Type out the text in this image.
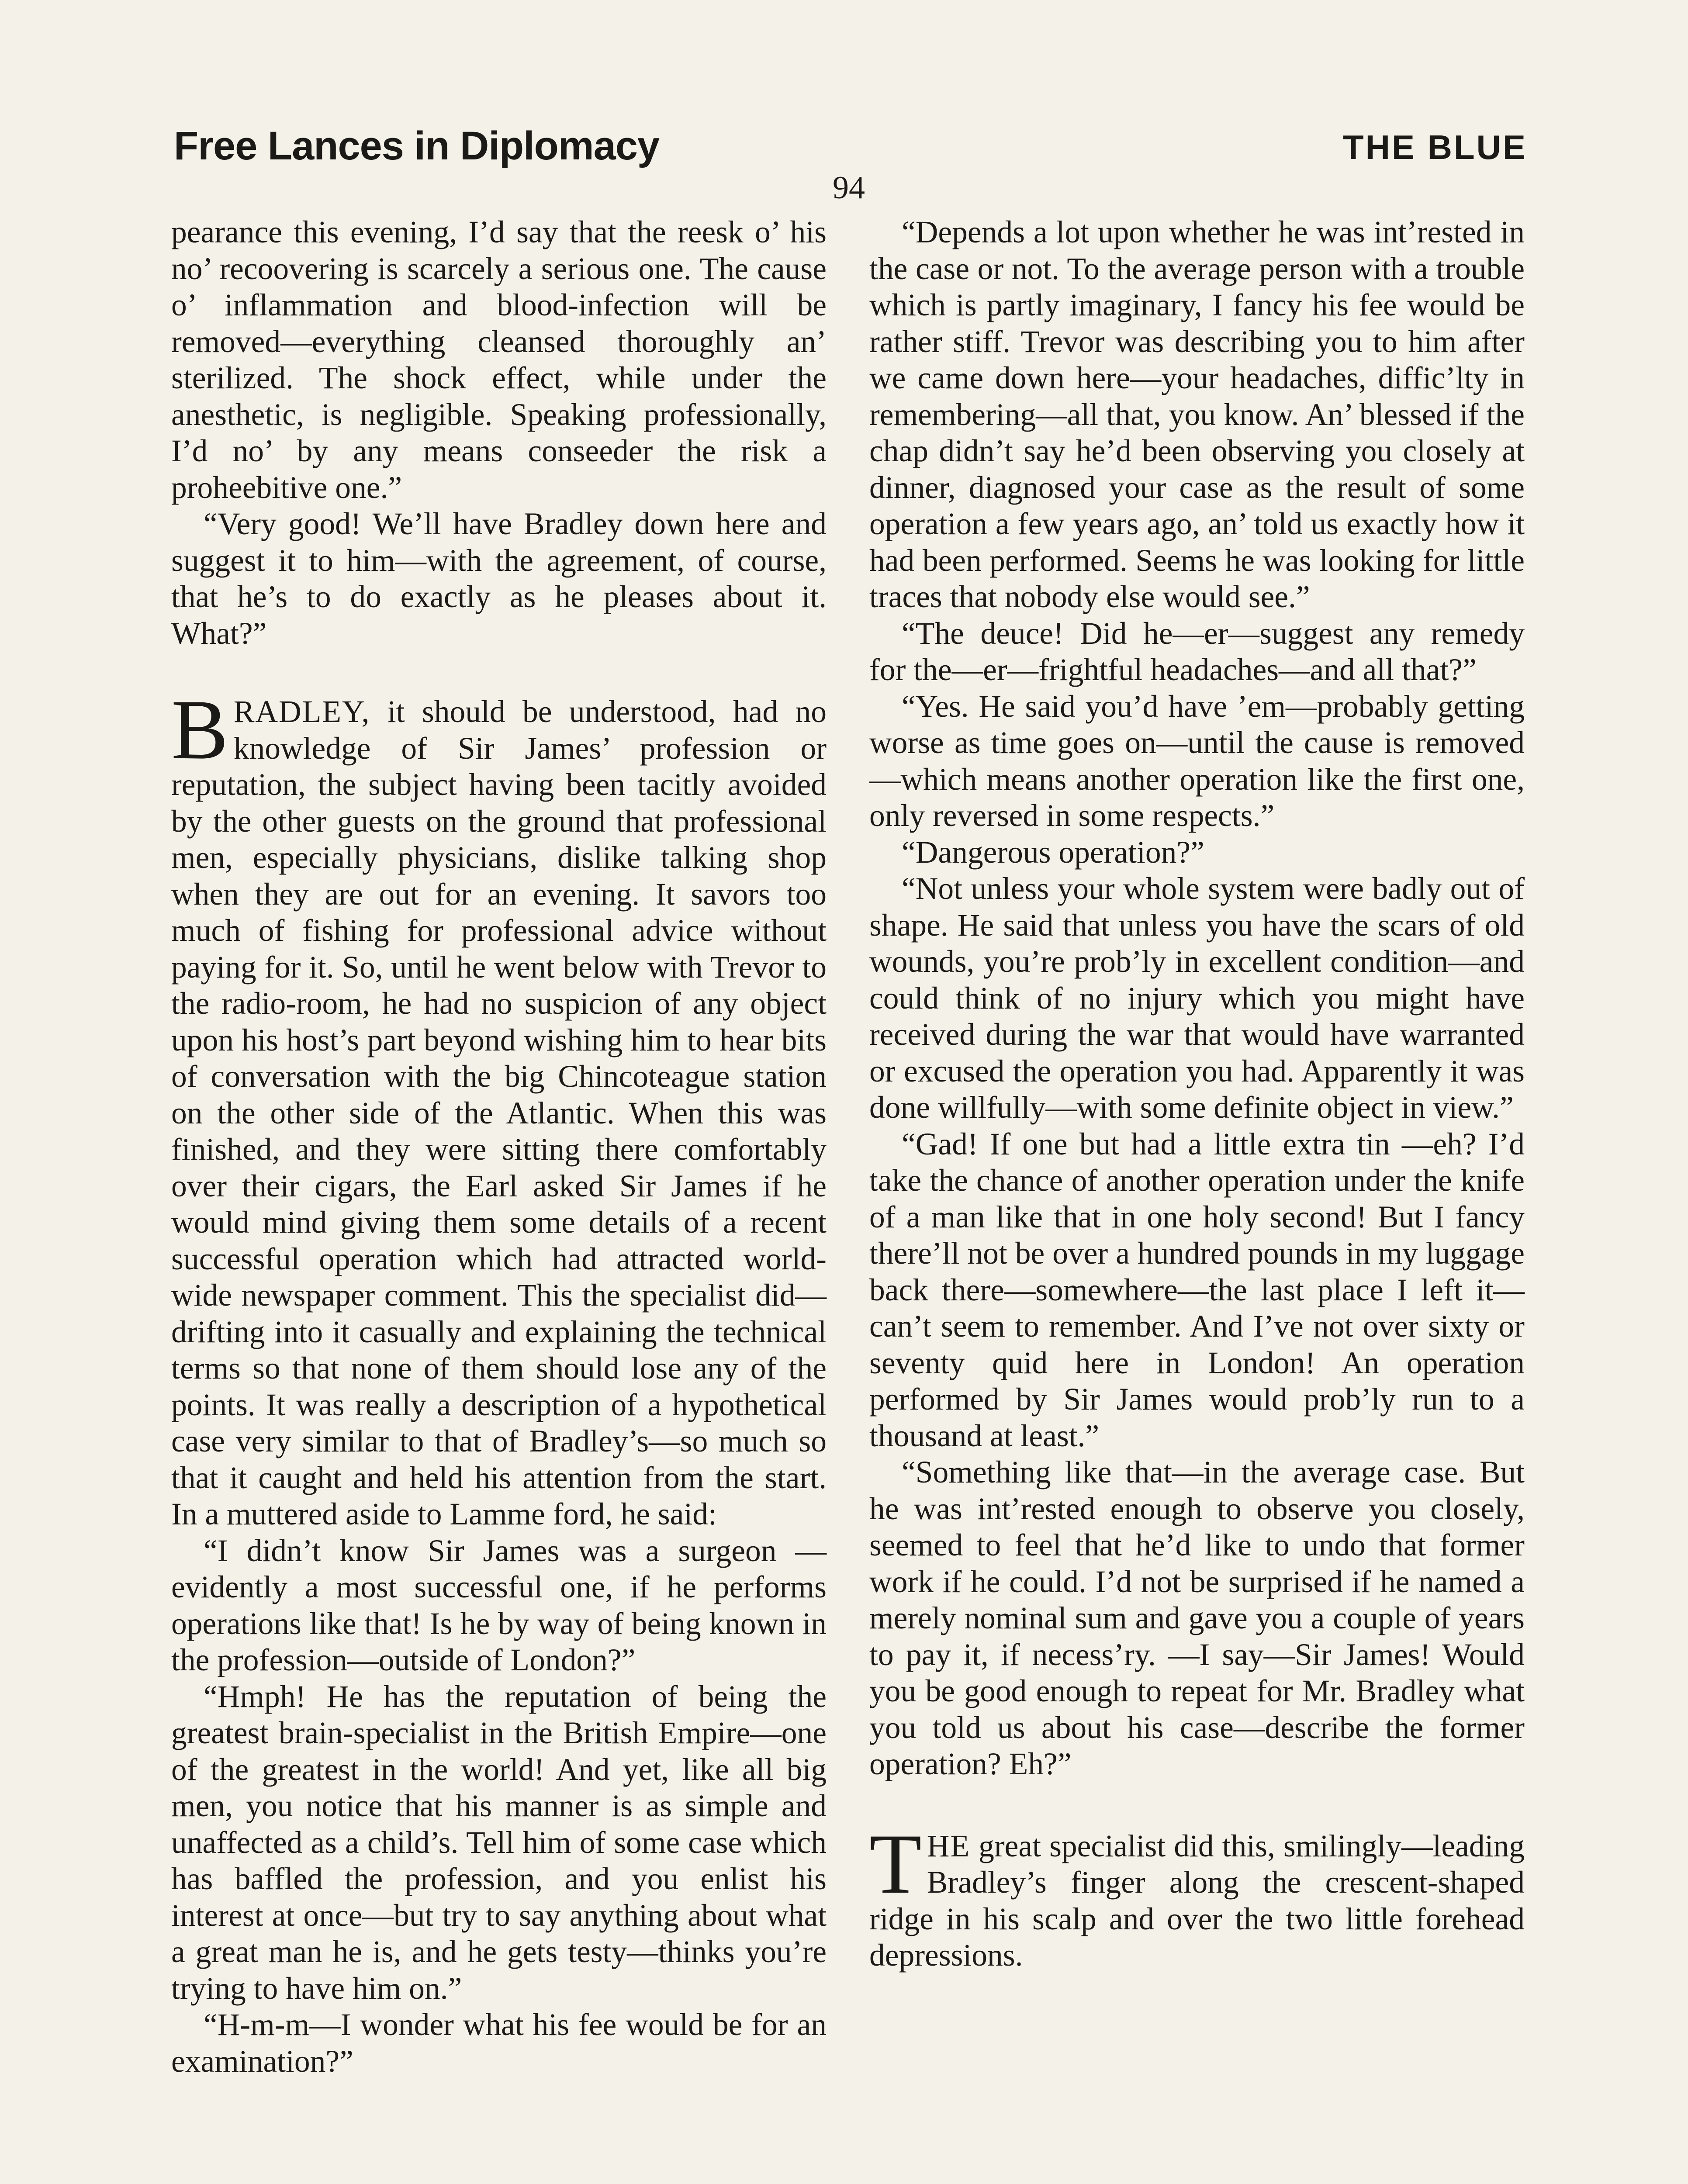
Free Lances in Diplomacy	THE BLUE
94

pearance this evening, I’d say that the reesk o’ his no’ recoovering is scarcely a serious one. The cause o’ inflammation and blood-infection will be removed—everything cleansed thoroughly an’ sterilized. The shock effect, while under the anesthetic, is negligible. Speaking professionally, I’d no’ by any means conseeder the risk a proheebitive one.”

“Very good! We’ll have Bradley down here and suggest it to him—with the agreement, of course, that he’s to do exactly as he pleases about it. What?”

BRADLEY, it should be understood, had no knowledge of Sir James’ profession or reputation, the subject having been tacitly avoided by the other guests on the ground that professional men, especially physicians, dislike talking shop when they are out for an evening. It savors too much of fishing for professional advice without paying for it. So, until he went below with Trevor to the radio-room, he had no suspicion of any object upon his host’s part beyond wishing him to hear bits of conversation with the big Chincoteague station on the other side of the Atlantic. When this was finished, and they were sitting there comfortably over their cigars, the Earl asked Sir James if he would mind giving them some details of a recent successful operation which had attracted world-wide newspaper comment. This the specialist did—drifting into it casually and explaining the technical terms so that none of them should lose any of the points. It was really a description of a hypothetical case very similar to that of Bradley’s—so much so that it caught and held his attention from the start. In a muttered aside to Lamme ford, he said:

“I didn’t know Sir James was a surgeon —evidently a most successful one, if he performs operations like that! Is he by way of being known in the profession—outside of London?”

“Hmph! He has the reputation of being the greatest brain-specialist in the British Empire—one of the greatest in the world! And yet, like all big men, you notice that his manner is as simple and unaffected as a child’s. Tell him of some case which has baffled the profession, and you enlist his interest at once—but try to say anything about what a great man he is, and he gets testy—thinks you’re trying to have him on.”

“H-m-m—I wonder what his fee would be for an examination?”

“Depends a lot upon whether he was int’rested in the case or not. To the average person with a trouble which is partly imaginary, I fancy his fee would be rather stiff. Trevor was describing you to him after we came down here—your headaches, diffic’lty in remembering—all that, you know. An’ blessed if the chap didn’t say he’d been observing you closely at dinner, diagnosed your case as the result of some operation a few years ago, an’ told us exactly how it had been performed. Seems he was looking for little traces that nobody else would see.”

“The deuce! Did he—er—suggest any remedy for the—er—frightful headaches—and all that?”

“Yes. He said you’d have ’em—probably getting worse as time goes on—until the cause is removed—which means another operation like the first one, only reversed in some respects.”

“Dangerous operation?”

“Not unless your whole system were badly out of shape. He said that unless you have the scars of old wounds, you’re prob’ly in excellent condition—and could think of no injury which you might have received during the war that would have warranted or excused the operation you had. Apparently it was done willfully—with some definite object in view.”

“Gad! If one but had a little extra tin —eh? I’d take the chance of another operation under the knife of a man like that in one holy second! But I fancy there’ll not be over a hundred pounds in my luggage back there—somewhere—the last place I left it—can’t seem to remember. And I’ve not over sixty or seventy quid here in London! An operation performed by Sir James would prob’ly run to a thousand at least.”

“Something like that—in the average case. But he was int’rested enough to observe you closely, seemed to feel that he’d like to undo that former work if he could. I’d not be surprised if he named a merely nominal sum and gave you a couple of years to pay it, if necess’ry. —I say—Sir James! Would you be good enough to repeat for Mr. Bradley what you told us about his case—describe the former operation? Eh?”

THE great specialist did this, smilingly—leading Bradley’s finger along the crescent-shaped ridge in his scalp and over the two little forehead depressions.
